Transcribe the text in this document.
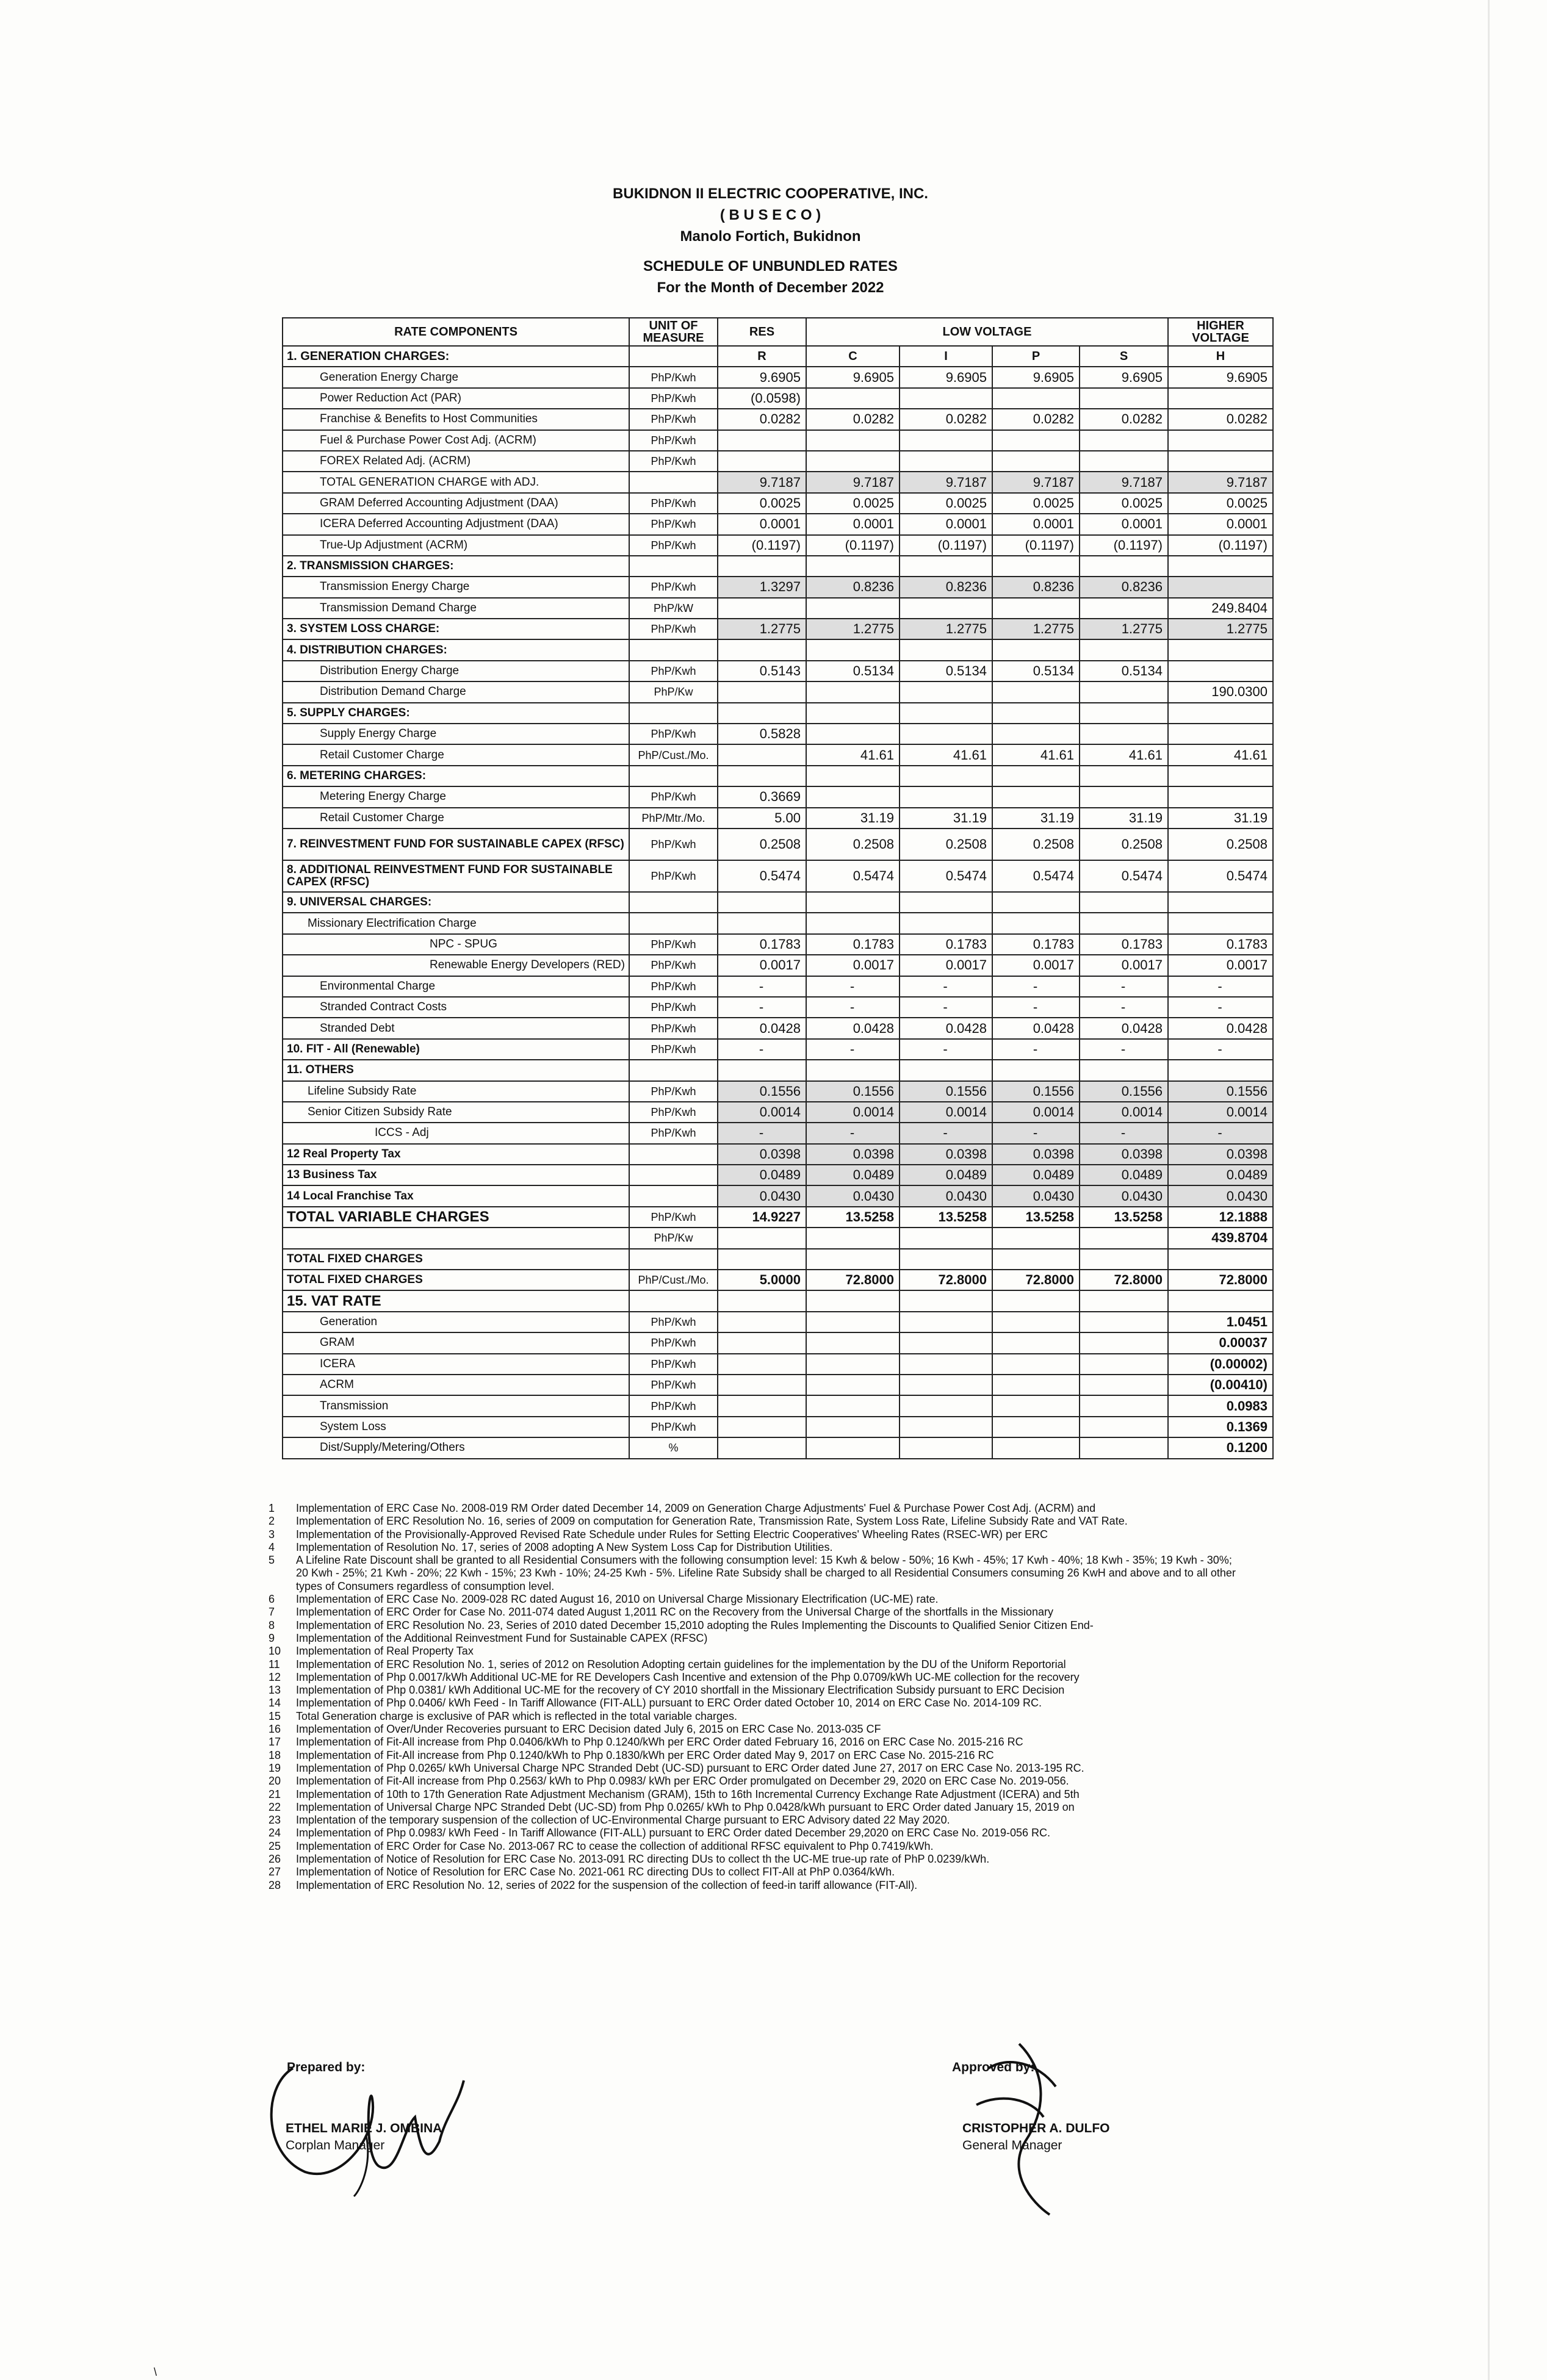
BUKIDNON II ELECTRIC COOPERATIVE, INC.
( B U S E C O )
Manolo Fortich, Bukidnon
SCHEDULE OF UNBUNDLED RATES
For the Month of December 2022
RATE COMPONENTS	UNIT OF MEASURE	RES	LOW VOLTAGE				HIGHER VOLTAGE
1. GENERATION CHARGES:		R	C	I	P	S	H
Generation Energy Charge	PhP/Kwh	9.6905	9.6905	9.6905	9.6905	9.6905	9.6905
Power Reduction Act (PAR)	PhP/Kwh	(0.0598)					
Franchise & Benefits to Host Communities	PhP/Kwh	0.0282	0.0282	0.0282	0.0282	0.0282	0.0282
Fuel & Purchase Power Cost Adj. (ACRM)	PhP/Kwh						
FOREX Related Adj. (ACRM)	PhP/Kwh						
TOTAL GENERATION CHARGE with ADJ.		9.7187	9.7187	9.7187	9.7187	9.7187	9.7187
GRAM Deferred Accounting Adjustment (DAA)	PhP/Kwh	0.0025	0.0025	0.0025	0.0025	0.0025	0.0025
ICERA Deferred Accounting Adjustment (DAA)	PhP/Kwh	0.0001	0.0001	0.0001	0.0001	0.0001	0.0001
True-Up Adjustment (ACRM)	PhP/Kwh	(0.1197)	(0.1197)	(0.1197)	(0.1197)	(0.1197)	(0.1197)
2. TRANSMISSION CHARGES:							
Transmission Energy Charge	PhP/Kwh	1.3297	0.8236	0.8236	0.8236	0.8236	
Transmission Demand Charge	PhP/kW						249.8404
3. SYSTEM LOSS CHARGE:	PhP/Kwh	1.2775	1.2775	1.2775	1.2775	1.2775	1.2775
4. DISTRIBUTION CHARGES:							
Distribution Energy Charge	PhP/Kwh	0.5143	0.5134	0.5134	0.5134	0.5134	
Distribution Demand Charge	PhP/Kw						190.0300
5. SUPPLY CHARGES:							
Supply Energy Charge	PhP/Kwh	0.5828					
Retail Customer Charge	PhP/Cust./Mo.		41.61	41.61	41.61	41.61	41.61
6. METERING CHARGES:							
Metering Energy Charge	PhP/Kwh	0.3669					
Retail Customer Charge	PhP/Mtr./Mo.	5.00	31.19	31.19	31.19	31.19	31.19
7. REINVESTMENT FUND FOR SUSTAINABLE CAPEX (RFSC)	PhP/Kwh	0.2508	0.2508	0.2508	0.2508	0.2508	0.2508
8. ADDITIONAL REINVESTMENT FUND FOR SUSTAINABLE CAPEX (RFSC)	PhP/Kwh	0.5474	0.5474	0.5474	0.5474	0.5474	0.5474
9. UNIVERSAL CHARGES:							
Missionary Electrification Charge							
NPC - SPUG	PhP/Kwh	0.1783	0.1783	0.1783	0.1783	0.1783	0.1783
Renewable Energy Developers (RED)	PhP/Kwh	0.0017	0.0017	0.0017	0.0017	0.0017	0.0017
Environmental Charge	PhP/Kwh	-	-	-	-	-	-
Stranded Contract Costs	PhP/Kwh	-	-	-	-	-	-
Stranded Debt	PhP/Kwh	0.0428	0.0428	0.0428	0.0428	0.0428	0.0428
10. FIT - All (Renewable)	PhP/Kwh	-	-	-	-	-	-
11. OTHERS							
Lifeline Subsidy Rate	PhP/Kwh	0.1556	0.1556	0.1556	0.1556	0.1556	0.1556
Senior Citizen Subsidy Rate	PhP/Kwh	0.0014	0.0014	0.0014	0.0014	0.0014	0.0014
ICCS - Adj	PhP/Kwh	-	-	-	-	-	-
12 Real Property Tax		0.0398	0.0398	0.0398	0.0398	0.0398	0.0398
13 Business Tax		0.0489	0.0489	0.0489	0.0489	0.0489	0.0489
14 Local Franchise Tax		0.0430	0.0430	0.0430	0.0430	0.0430	0.0430
TOTAL VARIABLE CHARGES	PhP/Kwh	14.9227	13.5258	13.5258	13.5258	13.5258	12.1888
	PhP/Kw						439.8704
TOTAL FIXED CHARGES							
TOTAL FIXED CHARGES	PhP/Cust./Mo.	5.0000	72.8000	72.8000	72.8000	72.8000	72.8000
15. VAT RATE							
Generation	PhP/Kwh						1.0451
GRAM	PhP/Kwh						0.00037
ICERA	PhP/Kwh						(0.00002)
ACRM	PhP/Kwh						(0.00410)
Transmission	PhP/Kwh						0.0983
System Loss	PhP/Kwh						0.1369
Dist/Supply/Metering/Others	%						0.1200
1	Implementation of ERC Case No. 2008-019 RM Order dated December 14, 2009 on Generation Charge Adjustments' Fuel & Purchase Power Cost Adj. (ACRM) and
2	Implementation of ERC Resolution No. 16, series of 2009 on computation for Generation Rate, Transmission Rate, System Loss Rate, Lifeline Subsidy Rate and VAT Rate.
3	Implementation of the Provisionally-Approved Revised Rate Schedule under Rules for Setting Electric Cooperatives' Wheeling Rates (RSEC-WR) per ERC
4	Implementation of Resolution No. 17, series of 2008 adopting A New System Loss Cap for Distribution Utilities.
5	A Lifeline Rate Discount shall be granted to all Residential Consumers with the following consumption level: 15 Kwh & below - 50%; 16 Kwh - 45%; 17 Kwh - 40%; 18 Kwh - 35%; 19 Kwh - 30%; 20 Kwh - 25%; 21 Kwh - 20%; 22 Kwh - 15%; 23 Kwh - 10%; 24-25 Kwh - 5%. Lifeline Rate Subsidy shall be charged to all Residential Consumers consuming 26 KwH and above and to all other types of Consumers regardless of consumption level.
6	Implementation of ERC Case No. 2009-028 RC dated August 16, 2010 on Universal Charge Missionary Electrification (UC-ME) rate.
7	Implementation of ERC Order for Case No. 2011-074 dated August 1,2011 RC on the Recovery from the Universal Charge of the shortfalls in the Missionary
8	Implementation of ERC Resolution No. 23, Series of 2010 dated December 15,2010 adopting the Rules Implementing the Discounts to Qualified Senior Citizen End-
9	Implementation of the Additional Reinvestment Fund for Sustainable CAPEX (RFSC)
10	Implementation of Real Property Tax
11	Implementation of ERC Resolution No. 1, series of 2012 on Resolution Adopting certain guidelines for the implementation by the DU of the Uniform Reportorial
12	Implementation of Php 0.0017/kWh Additional UC-ME for RE Developers Cash Incentive and extension of the Php 0.0709/kWh UC-ME collection for the recovery
13	Implementation of Php 0.0381/ kWh Additional UC-ME for the recovery of CY 2010 shortfall in the Missionary Electrification Subsidy pursuant to ERC Decision
14	Implementation of Php 0.0406/ kWh Feed - In Tariff Allowance (FIT-ALL) pursuant to ERC Order dated October 10, 2014 on ERC Case No. 2014-109 RC.
15	Total Generation charge is exclusive of PAR which is reflected in the total variable charges.
16	Implementation of Over/Under Recoveries pursuant to ERC Decision dated July 6, 2015 on ERC Case No. 2013-035 CF
17	Implementation of Fit-All increase from Php 0.0406/kWh to Php 0.1240/kWh per ERC Order dated February 16, 2016 on ERC Case No. 2015-216 RC
18	Implementation of Fit-All increase from Php 0.1240/kWh to Php 0.1830/kWh per ERC Order dated May 9, 2017 on ERC Case No. 2015-216 RC
19	Implementation of Php 0.0265/ kWh Universal Charge NPC Stranded Debt (UC-SD) pursuant to ERC Order dated June 27, 2017 on ERC Case No. 2013-195 RC.
20	Implementation of Fit-All increase from Php 0.2563/ kWh to Php 0.0983/ kWh per ERC Order promulgated on December 29, 2020 on ERC Case No. 2019-056.
21	Implementation of 10th to 17th Generation Rate Adjustment Mechanism (GRAM), 15th to 16th Incremental Currency Exchange Rate Adjustment (ICERA) and 5th
22	Implementation of Universal Charge NPC Stranded Debt (UC-SD) from Php 0.0265/ kWh to Php 0.0428/kWh pursuant to ERC Order dated January 15, 2019 on
23	Implentation of the temporary suspension of the collection of UC-Environmental Charge pursuant to ERC Advisory dated 22 May 2020.
24	Implementation of Php 0.0983/ kWh Feed - In Tariff Allowance (FIT-ALL) pursuant to ERC Order dated December 29,2020 on ERC Case No. 2019-056 RC.
25	Implementation of ERC Order for Case No. 2013-067 RC to cease the collection of additional RFSC equivalent to Php 0.7419/kWh.
26	Implementation of Notice of Resolution for ERC Case No. 2013-091 RC directing DUs to collect th the UC-ME true-up rate of PhP 0.0239/kWh.
27	Implementation of Notice of Resolution for ERC Case No. 2021-061 RC directing DUs to collect FIT-All at PhP 0.0364/kWh.
28	Implementation of ERC Resolution No. 12, series of 2022 for the suspension of the collection of feed-in tariff allowance (FIT-All).
Prepared by:
ETHEL MARIE J. OMBINA
Corplan Manager
Approved by:
CRISTOPHER A. DULFO
General Manager
\
